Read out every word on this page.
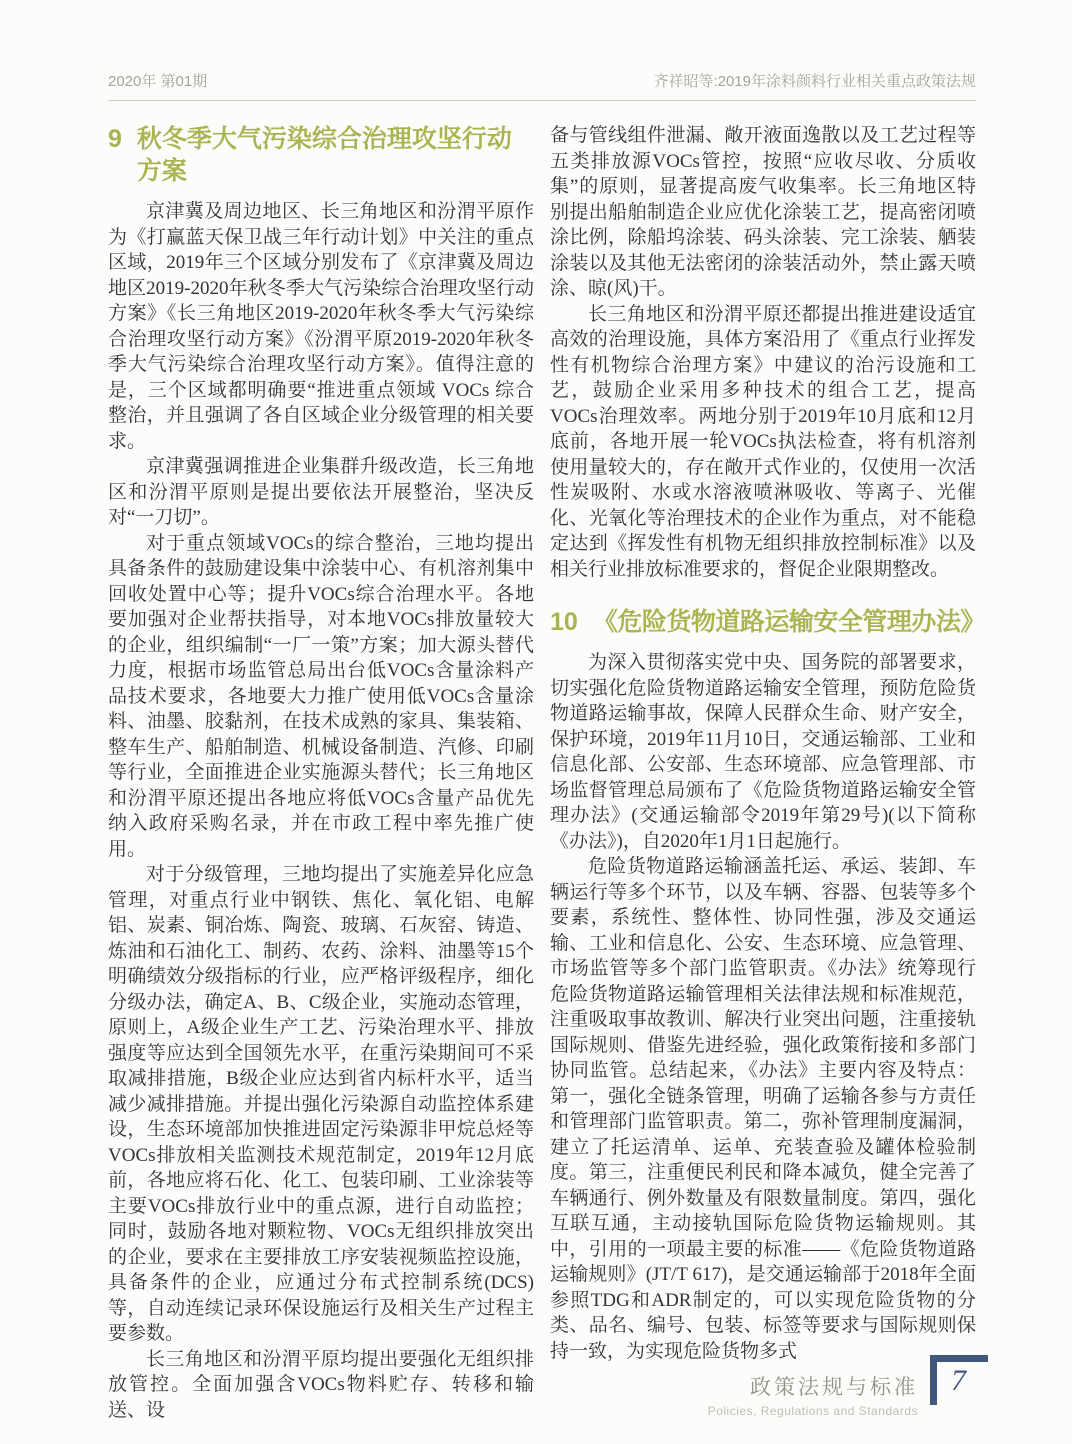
2020年 第01期	齐祥昭等:2019年涂料颜料行业相关重点政策法规
9 秋冬季大气污染综合治理攻坚行动方案

京津冀及周边地区、长三角地区和汾渭平原作为《打赢蓝天保卫战三年行动计划》中关注的重点区域，2019年三个区域分别发布了《京津冀及周边地区2019-2020年秋冬季大气污染综合治理攻坚行动方案》《长三角地区2019-2020年秋冬季大气污染综合治理攻坚行动方案》《汾渭平原2019-2020年秋冬季大气污染综合治理攻坚行动方案》。值得注意的是，三个区域都明确要“推进重点领域 VOCs 综合整治，并且强调了各自区域企业分级管理的相关要求。

京津冀强调推进企业集群升级改造，长三角地区和汾渭平原则是提出要依法开展整治，坚决反对“一刀切”。

对于重点领域VOCs的综合整治，三地均提出具备条件的鼓励建设集中涂装中心、有机溶剂集中回收处置中心等；提升VOCs综合治理水平。各地要加强对企业帮扶指导，对本地VOCs排放量较大的企业，组织编制“一厂一策”方案；加大源头替代力度，根据市场监管总局出台低VOCs含量涂料产品技术要求，各地要大力推广使用低VOCs含量涂料、油墨、胶黏剂，在技术成熟的家具、集装箱、整车生产、船舶制造、机械设备制造、汽修、印刷等行业，全面推进企业实施源头替代；长三角地区和汾渭平原还提出各地应将低VOCs含量产品优先纳入政府采购名录，并在市政工程中率先推广使用。

对于分级管理，三地均提出了实施差异化应急管理，对重点行业中钢铁、焦化、氧化铝、电解铝、炭素、铜冶炼、陶瓷、玻璃、石灰窑、铸造、炼油和石油化工、制药、农药、涂料、油墨等15个明确绩效分级指标的行业，应严格评级程序，细化分级办法，确定A、B、C级企业，实施动态管理，原则上，A级企业生产工艺、污染治理水平、排放强度等应达到全国领先水平，在重污染期间可不采取减排措施，B级企业应达到省内标杆水平，适当减少减排措施。并提出强化污染源自动监控体系建设，生态环境部加快推进固定污染源非甲烷总烃等VOCs排放相关监测技术规范制定，2019年12月底前，各地应将石化、化工、包装印刷、工业涂装等主要VOCs排放行业中的重点源，进行自动监控；同时，鼓励各地对颗粒物、VOCs无组织排放突出的企业，要求在主要排放工序安装视频监控设施，具备条件的企业，应通过分布式控制系统(DCS)等，自动连续记录环保设施运行及相关生产过程主要参数。

长三角地区和汾渭平原均提出要强化无组织排放管控。全面加强含VOCs物料贮存、转移和输送、设

备与管线组件泄漏、敞开液面逸散以及工艺过程等五类排放源VOCs管控，按照“应收尽收、分质收集”的原则，显著提高废气收集率。长三角地区特别提出船舶制造企业应优化涂装工艺，提高密闭喷涂比例，除船坞涂装、码头涂装、完工涂装、舾装涂装以及其他无法密闭的涂装活动外，禁止露天喷涂、晾(风)干。

长三角地区和汾渭平原还都提出推进建设适宜高效的治理设施，具体方案沿用了《重点行业挥发性有机物综合治理方案》中建议的治污设施和工艺，鼓励企业采用多种技术的组合工艺，提高VOCs治理效率。两地分别于2019年10月底和12月底前，各地开展一轮VOCs执法检查，将有机溶剂使用量较大的，存在敞开式作业的，仅使用一次活性炭吸附、水或水溶液喷淋吸收、等离子、光催化、光氧化等治理技术的企业作为重点，对不能稳定达到《挥发性有机物无组织排放控制标准》以及相关行业排放标准要求的，督促企业限期整改。

10 《危险货物道路运输安全管理办法》

为深入贯彻落实党中央、国务院的部署要求，切实强化危险货物道路运输安全管理，预防危险货物道路运输事故，保障人民群众生命、财产安全，保护环境，2019年11月10日，交通运输部、工业和信息化部、公安部、生态环境部、应急管理部、市场监督管理总局颁布了《危险货物道路运输安全管理办法》(交通运输部令2019年第29号)(以下简称《办法》)，自2020年1月1日起施行。

危险货物道路运输涵盖托运、承运、装卸、车辆运行等多个环节，以及车辆、容器、包装等多个要素，系统性、整体性、协同性强，涉及交通运输、工业和信息化、公安、生态环境、应急管理、市场监管等多个部门监管职责。《办法》统筹现行危险货物道路运输管理相关法律法规和标准规范，注重吸取事故教训、解决行业突出问题，注重接轨国际规则、借鉴先进经验，强化政策衔接和多部门协同监管。总结起来，《办法》主要内容及特点：第一，强化全链条管理，明确了运输各参与方责任和管理部门监管职责。第二，弥补管理制度漏洞，建立了托运清单、运单、充装查验及罐体检验制度。第三，注重便民利民和降本减负，健全完善了车辆通行、例外数量及有限数量制度。第四，强化互联互通，主动接轨国际危险货物运输规则。其中，引用的一项最主要的标准——《危险货物道路运输规则》(JT/T 617)，是交通运输部于2018年全面参照TDG和ADR制定的，可以实现危险货物的分类、品名、编号、包装、标签等要求与国际规则保持一致，为实现危险货物多式

政策法规与标准
Policies, Regulations and Standards
7
